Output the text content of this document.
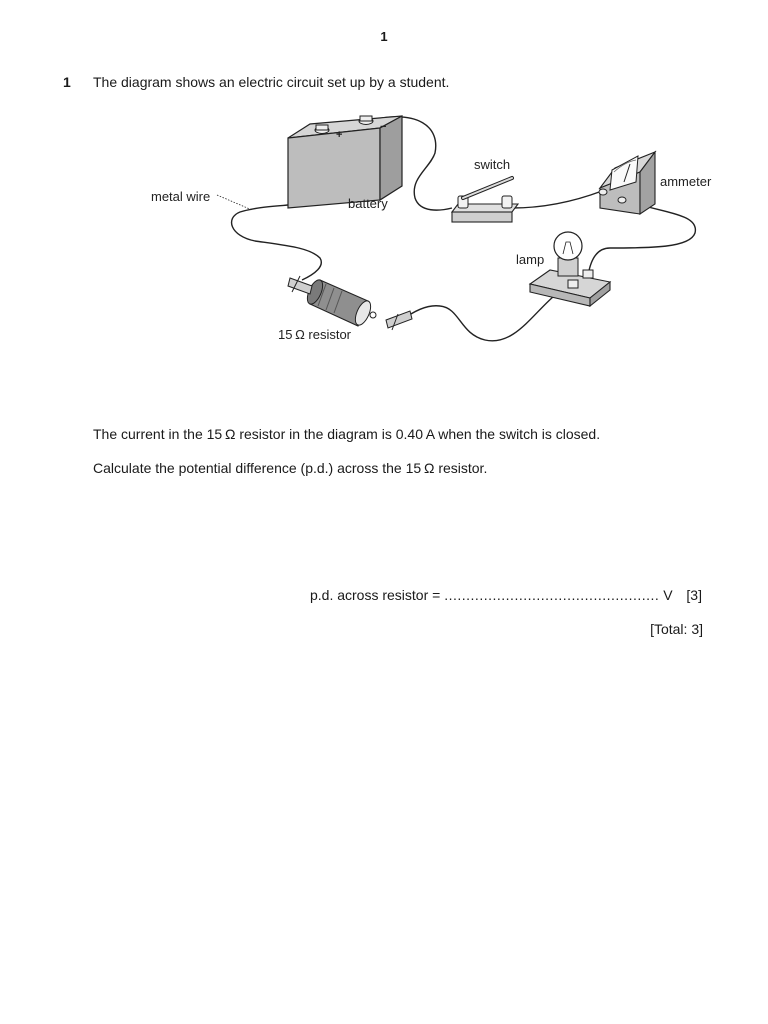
1
1 The diagram shows an electric circuit set up by a student.
+
−
metal wire	battery
switch
ammeter
lamp
15 Ω resistor
The current in the 15 Ω resistor in the diagram is 0.40 A when the switch is closed.
Calculate the potential difference (p.d.) across the 15 Ω resistor.
p.d. across resistor = ................................................. V [3]
[Total: 3]
